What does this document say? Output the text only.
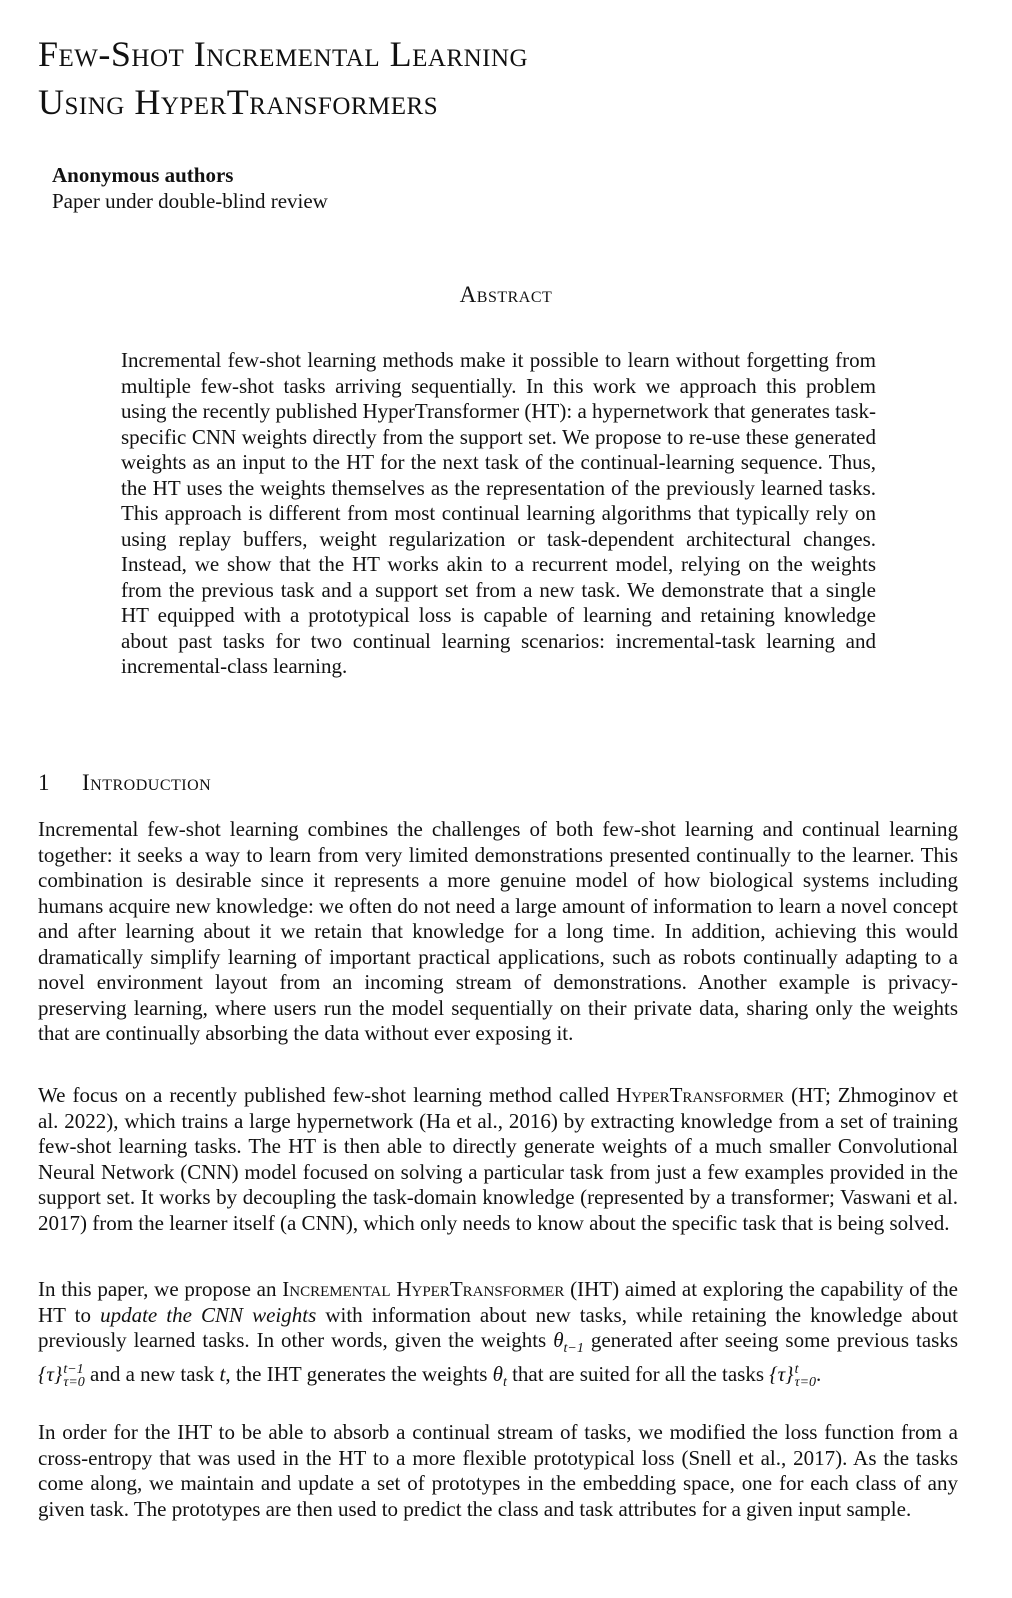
Few-Shot Incremental Learning
Using HyperTransformers
Anonymous authors
Paper under double-blind review
Abstract

Incremental few-shot learning methods make it possible to learn without forgetting from multiple few-shot tasks arriving sequentially. In this work we approach this problem using the recently published HyperTransformer (HT): a hypernetwork that generates task-specific CNN weights directly from the support set. We propose to re-use these generated weights as an input to the HT for the next task of the continual-learning sequence. Thus, the HT uses the weights themselves as the representation of the previously learned tasks. This approach is different from most continual learning algorithms that typically rely on using replay buffers, weight regularization or task-dependent architectural changes. Instead, we show that the HT works akin to a recurrent model, relying on the weights from the previous task and a support set from a new task. We demonstrate that a single HT equipped with a prototypical loss is capable of learning and retaining knowledge about past tasks for two continual learning scenarios: incremental-task learning and incremental-class learning.

1 Introduction

Incremental few-shot learning combines the challenges of both few-shot learning and continual learning together: it seeks a way to learn from very limited demonstrations presented continually to the learner. This combination is desirable since it represents a more genuine model of how biological systems including humans acquire new knowledge: we often do not need a large amount of information to learn a novel concept and after learning about it we retain that knowledge for a long time. In addition, achieving this would dramatically simplify learning of important practical applications, such as robots continually adapting to a novel environment layout from an incoming stream of demonstrations. Another example is privacy-preserving learning, where users run the model sequentially on their private data, sharing only the weights that are continually absorbing the data without ever exposing it.

We focus on a recently published few-shot learning method called HyperTransformer (HT; Zhmoginov et al. 2022), which trains a large hypernetwork (Ha et al., 2016) by extracting knowledge from a set of training few-shot learning tasks. The HT is then able to directly generate weights of a much smaller Convolutional Neural Network (CNN) model focused on solving a particular task from just a few examples provided in the support set. It works by decoupling the task-domain knowledge (represented by a transformer; Vaswani et al. 2017) from the learner itself (a CNN), which only needs to know about the specific task that is being solved.

In this paper, we propose an Incremental HyperTransformer (IHT) aimed at exploring the capability of the HT to update the CNN weights with information about new tasks, while retaining the knowledge about previously learned tasks. In other words, given the weights $\theta_{t-1}$ generated after seeing some previous tasks {τ} t−1
τ=0 and a new task t, the IHT generates the weights $\theta_t$ that are suited for all the tasks {τ} t
τ=0 .

In order for the IHT to be able to absorb a continual stream of tasks, we modified the loss function from a cross-entropy that was used in the HT to a more flexible prototypical loss (Snell et al., 2017). As the tasks come along, we maintain and update a set of prototypes in the embedding space, one for each class of any given task. The prototypes are then used to predict the class and task attributes for a given input sample.
